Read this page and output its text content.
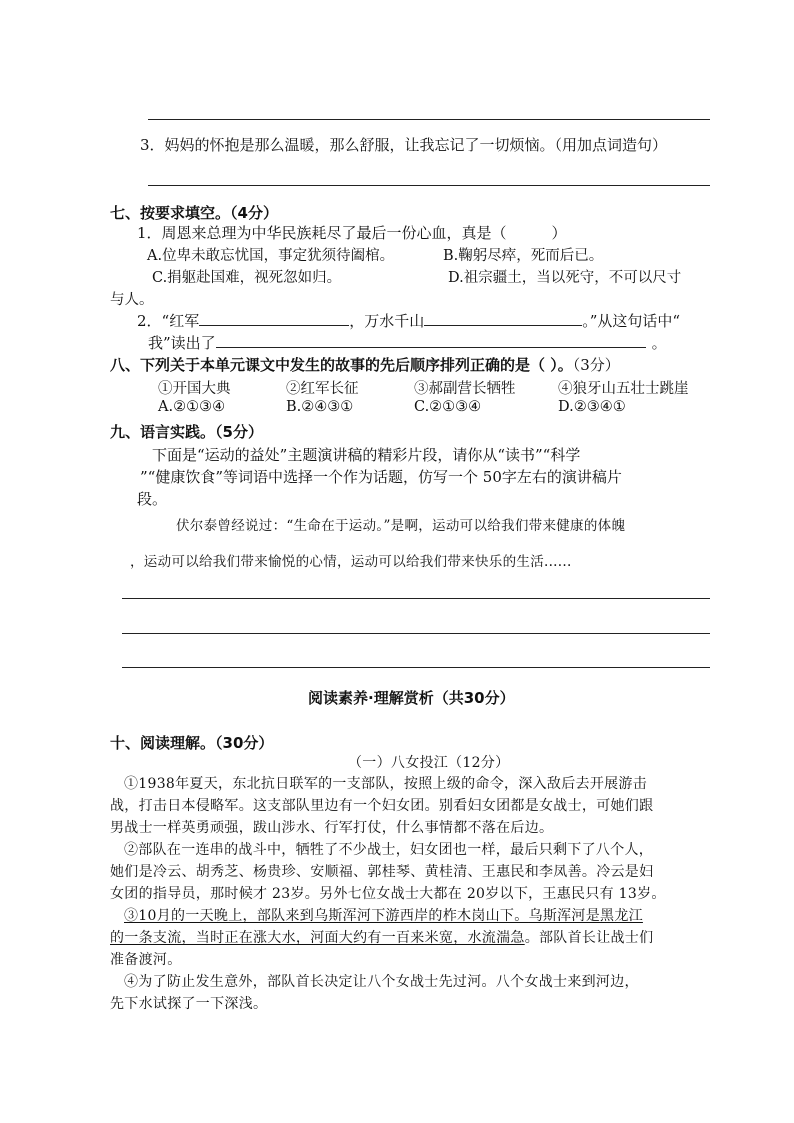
3．妈妈的怀抱是那么温暖，那么舒服，让我忘记了一切烦恼。（用加点词造句）
七、按要求填空。（4分）
1．周恩来总理为中华民族耗尽了最后一份心血，真是（　　　）
A.位卑未敢忘忧国，事定犹须待阖棺。	B.鞠躬尽瘁，死而后已。
C.捐躯赴国难，视死忽如归。	D.祖宗疆土，当以死守，不可以尺寸
与人。
2．“红军	，万水千山	。”从这句话中“
我”读出了	。
八、下列关于本单元课文中发生的故事的先后顺序排列正确的是（ ）。（3分）
①开国大典	②红军长征	③郝副营长牺牲	④狼牙山五壮士跳崖
A.②①③④	B.②④③①	C.②①③④	D.②③④①
九、语言实践。（5分）
下面是“运动的益处”主题演讲稿的精彩片段，请你从“读书”“科学
”“健康饮食”等词语中选择一个作为话题，仿写一个 50字左右的演讲稿片
段。
伏尔泰曾经说过：“生命在于运动。”是啊，运动可以给我们带来健康的体魄
，运动可以给我们带来愉悦的心情，运动可以给我们带来快乐的生活......
阅读素养·理解赏析（共30分）
十、阅读理解。（30分）
（一）八女投江（12分）
①1938年夏天，东北抗日联军的一支部队，按照上级的命令，深入敌后去开展游击
战，打击日本侵略军。这支部队里边有一个妇女团。别看妇女团都是女战士，可她们跟
男战士一样英勇顽强，跋山涉水、行军打仗，什么事情都不落在后边。
②部队在一连串的战斗中，牺牲了不少战士，妇女团也一样，最后只剩下了八个人，
她们是冷云、胡秀芝、杨贵珍、安顺福、郭桂琴、黄桂清、王惠民和李凤善。冷云是妇
女团的指导员，那时候才 23岁。另外七位女战士大都在 20岁以下，王惠民只有 13岁。
③10月的一天晚上，部队来到乌斯浑河下游西岸的柞木岗山下。乌斯浑河是黑龙江
的一条支流，当时正在涨大水，河面大约有一百来米宽，水流湍急。部队首长让战士们
准备渡河。
④为了防止发生意外，部队首长决定让八个女战士先过河。八个女战士来到河边，
先下水试探了一下深浅。
